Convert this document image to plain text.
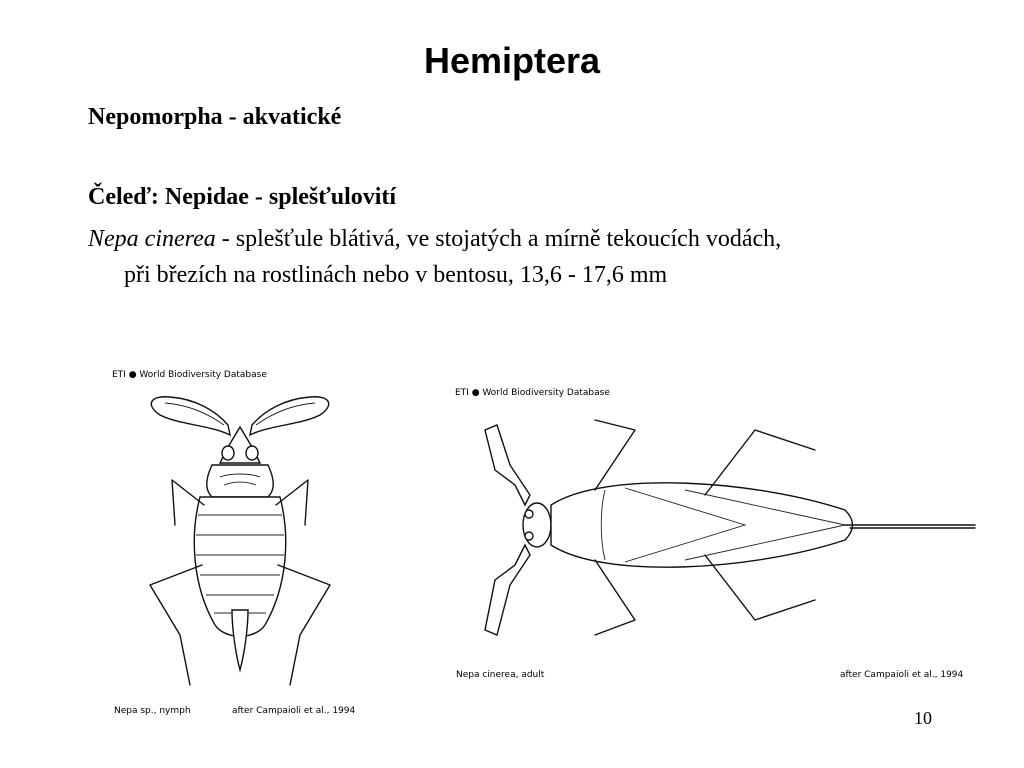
Hemiptera
Nepomorpha - akvatické
Čeleď: Nepidae - splešťulovití
Nepa cinerea - splešťule blátivá, ve stojatých a mírně tekoucích vodách,
při březích na rostlinách nebo v bentosu, 13,6 - 17,6 mm
ETI ● World Biodiversity Database
Nepa sp., nymph	after Campaioli et al., 1994
ETI ● World Biodiversity Database
Nepa cinerea, adult	after Campaioli et al., 1994
10
